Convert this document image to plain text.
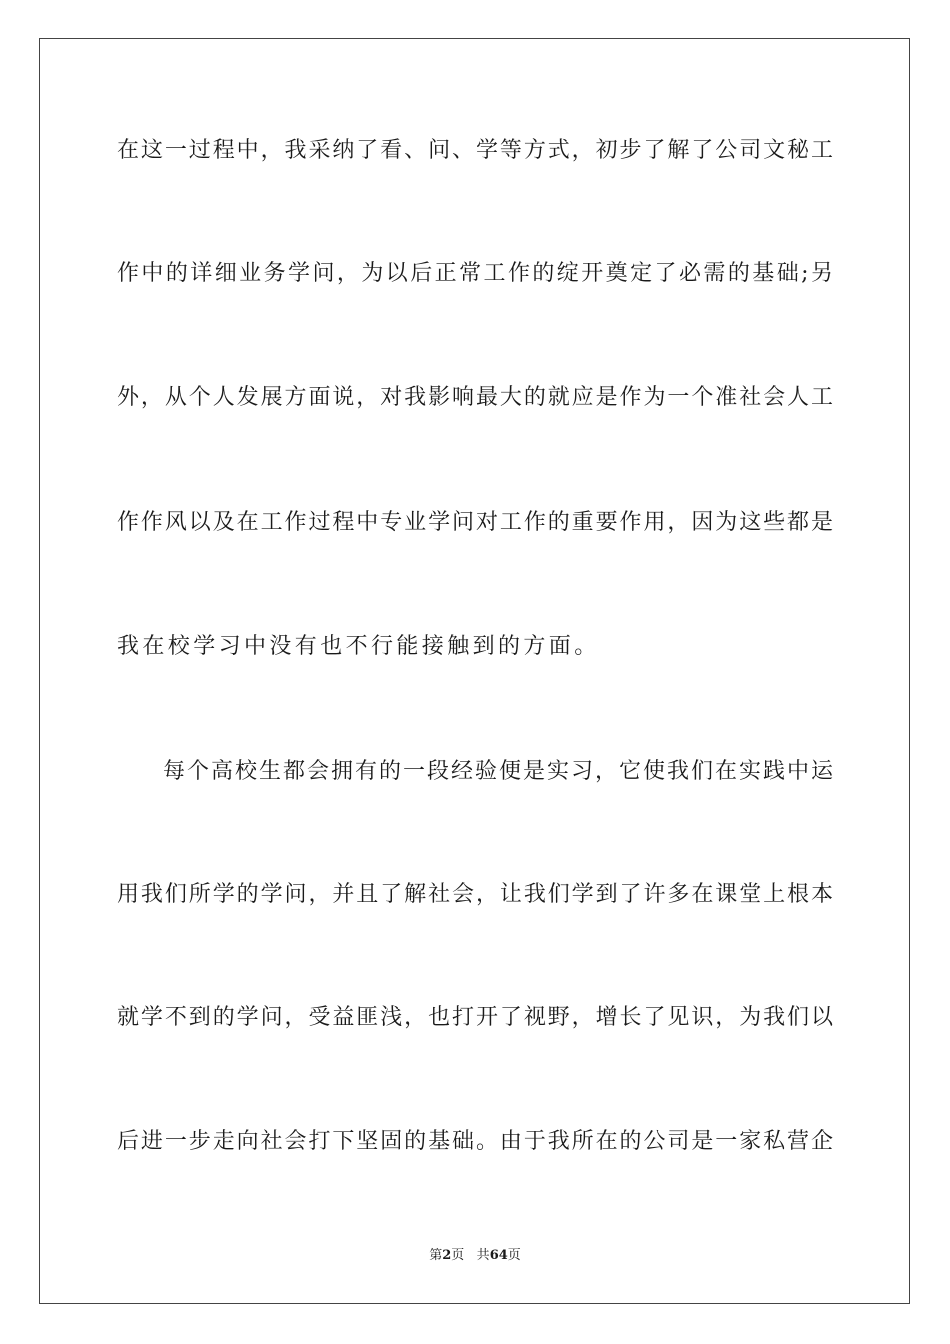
在这一过程中，我采纳了看、问、学等方式，初步了解了公司文秘工
作中的详细业务学问，为以后正常工作的绽开奠定了必需的基础;另
外，从个人发展方面说，对我影响最大的就应是作为一个准社会人工
作作风以及在工作过程中专业学问对工作的重要作用，因为这些都是
我在校学习中没有也不行能接触到的方面。
每个高校生都会拥有的一段经验便是实习，它使我们在实践中运
用我们所学的学问，并且了解社会，让我们学到了许多在课堂上根本
就学不到的学问，受益匪浅，也打开了视野，增长了见识，为我们以
后进一步走向社会打下坚固的基础。由于我所在的公司是一家私营企
第2页 共64页
